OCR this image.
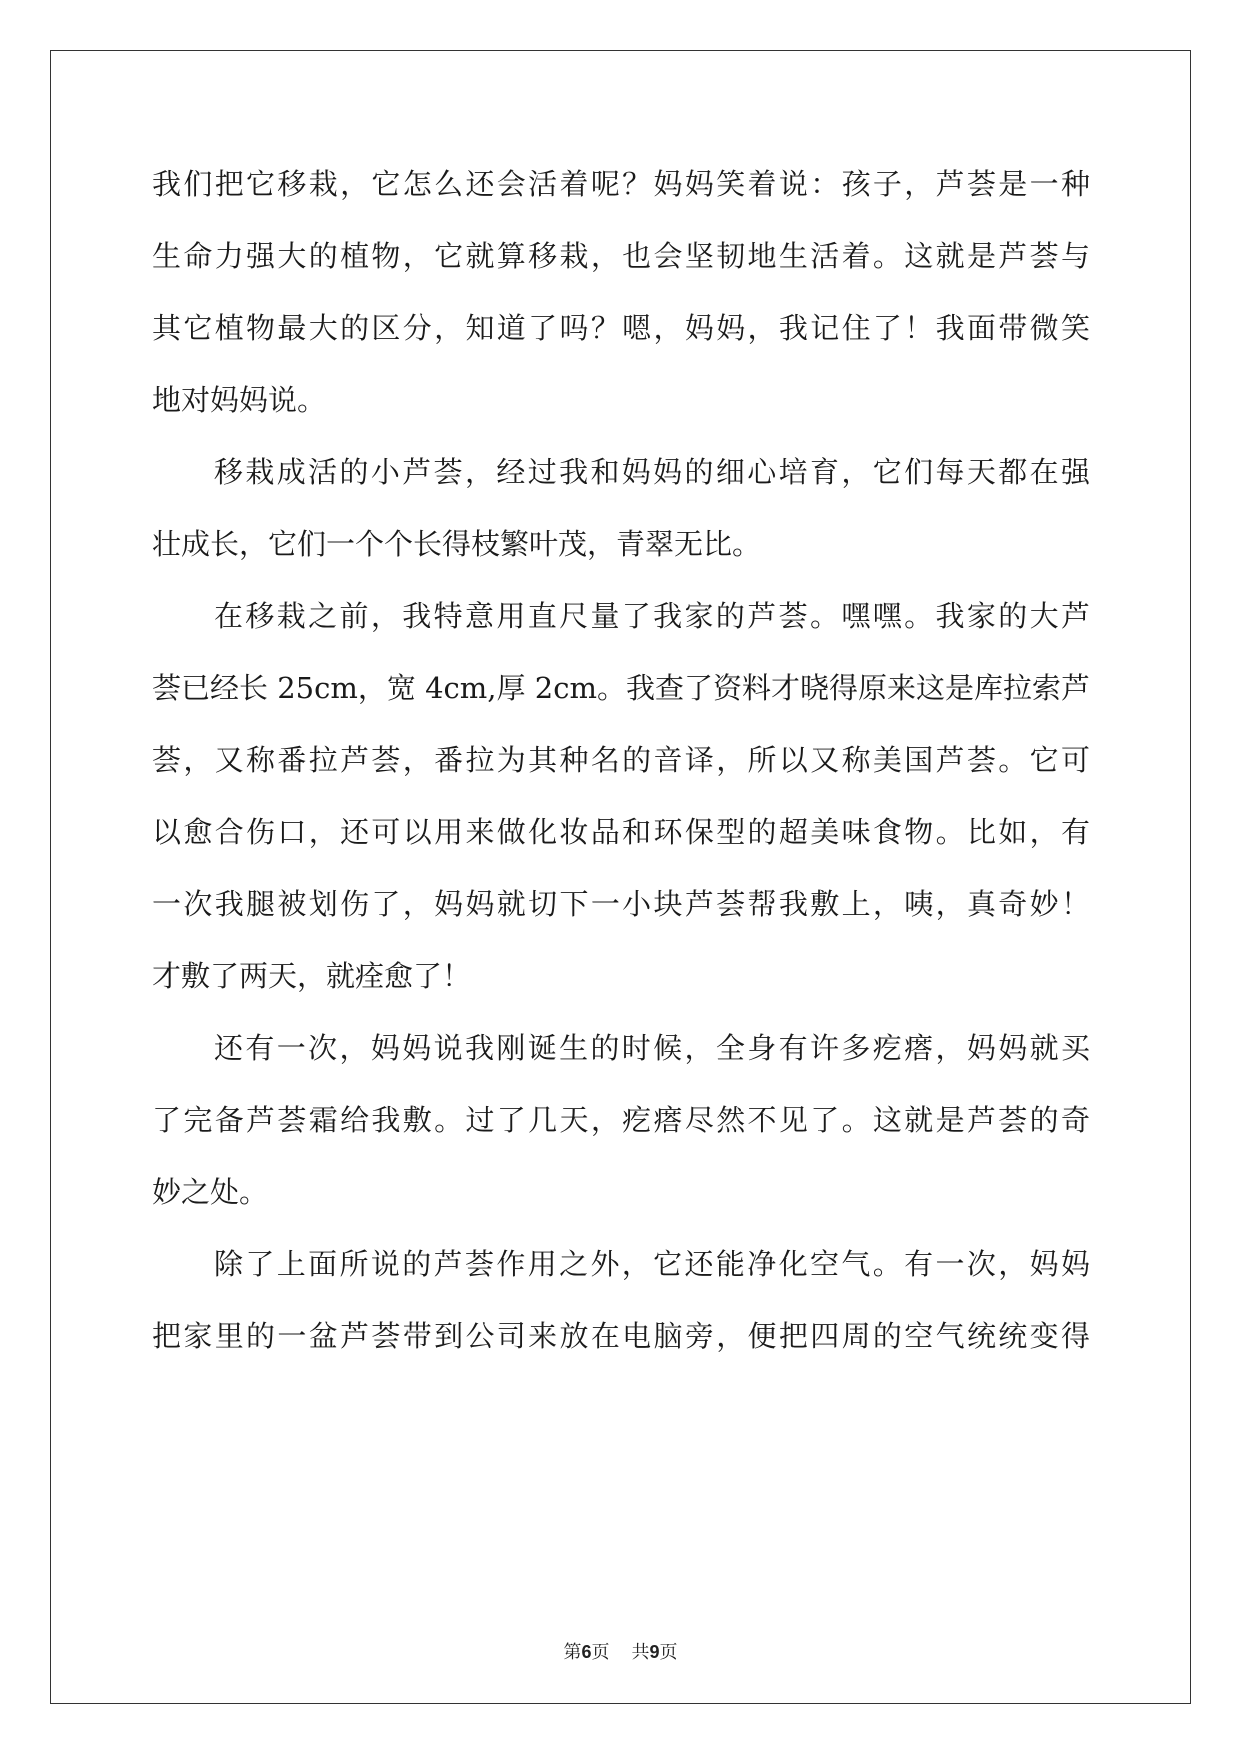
我们把它移栽，它怎么还会活着呢？妈妈笑着说：孩子，芦荟是一种
生命力强大的植物，它就算移栽，也会坚韧地生活着。这就是芦荟与
其它植物最大的区分，知道了吗？嗯，妈妈，我记住了！我面带微笑
地对妈妈说。
移栽成活的小芦荟，经过我和妈妈的细心培育，它们每天都在强
壮成长，它们一个个长得枝繁叶茂，青翠无比。
在移栽之前，我特意用直尺量了我家的芦荟。嘿嘿。我家的大芦
荟已经长 25cm，宽 4cm,厚 2cm。我查了资料才晓得原来这是库拉索芦
荟，又称番拉芦荟，番拉为其种名的音译，所以又称美国芦荟。它可
以愈合伤口，还可以用来做化妆品和环保型的超美味食物。比如，有
一次我腿被划伤了，妈妈就切下一小块芦荟帮我敷上，咦，真奇妙！
才敷了两天，就痊愈了！
还有一次，妈妈说我刚诞生的时候，全身有许多疙瘩，妈妈就买
了完备芦荟霜给我敷。过了几天，疙瘩尽然不见了。这就是芦荟的奇
妙之处。
除了上面所说的芦荟作用之外，它还能净化空气。有一次，妈妈
把家里的一盆芦荟带到公司来放在电脑旁，便把四周的空气统统变得
第6页 共9页
